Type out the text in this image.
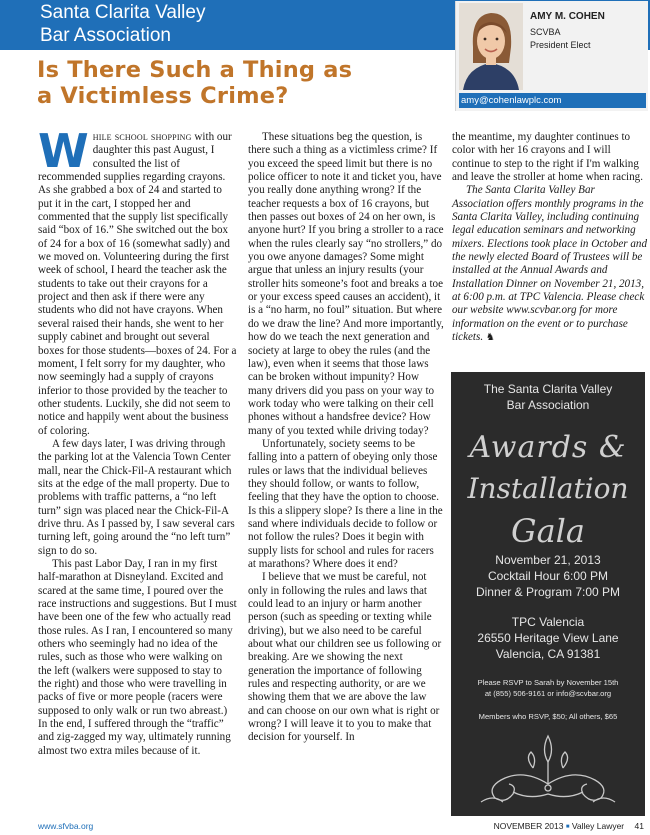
Santa Clarita Valley
Bar Association
AMY M. COHEN
SCVBA
President Elect
amy@cohenlawplc.com
Is There Such a Thing as
a Victimless Crime?

While school shopping with our daughter this past August, I consulted the list of recommended supplies regarding crayons. As she grabbed a box of 24 and started to put it in the cart, I stopped her and commented that the supply list specifically said “box of 16.” She switched out the box of 24 for a box of 16 (somewhat sadly) and we moved on. Volunteering during the first week of school, I heard the teacher ask the students to take out their crayons for a project and then ask if there were any students who did not have crayons. When several raised their hands, she went to her supply cabinet and brought out several boxes for those students—boxes of 24. For a moment, I felt sorry for my daughter, who now seemingly had a supply of crayons inferior to those provided by the teacher to other students. Luckily, she did not seem to notice and happily went about the business of coloring.

A few days later, I was driving through the parking lot at the Valencia Town Center mall, near the Chick-Fil-A restaurant which sits at the edge of the mall property. Due to problems with traffic patterns, a “no left turn” sign was placed near the Chick-Fil-A drive thru. As I passed by, I saw several cars turning left, going around the “no left turn” sign to do so.

This past Labor Day, I ran in my first half-marathon at Disneyland. Excited and scared at the same time, I poured over the race instructions and suggestions. But I must have been one of the few who actually read those rules. As I ran, I encountered so many others who seemingly had no idea of the rules, such as those who were walking on the left (walkers were supposed to stay to the right) and those who were travelling in packs of five or more people (racers were supposed to only walk or run two abreast.) In the end, I suffered through the “traffic” and zig-zagged my way, ultimately running almost two extra miles because of it.

These situations beg the question, is there such a thing as a victimless crime? If you exceed the speed limit but there is no police officer to note it and ticket you, have you really done anything wrong? If the teacher requests a box of 16 crayons, but then passes out boxes of 24 on her own, is anyone hurt? If you bring a stroller to a race when the rules clearly say “no strollers,” do you owe anyone damages? Some might argue that unless an injury results (your stroller hits someone’s foot and breaks a toe or your excess speed causes an accident), it is a “no harm, no foul” situation. But where do we draw the line? And more importantly, how do we teach the next generation and society at large to obey the rules (and the law), even when it seems that those laws can be broken without impunity? How many drivers did you pass on your way to work today who were talking on their cell phones without a handsfree device? How many of you texted while driving today?

Unfortunately, society seems to be falling into a pattern of obeying only those rules or laws that the individual believes they should follow, or wants to follow, feeling that they have the option to choose. Is this a slippery slope? Is there a line in the sand where individuals decide to follow or not follow the rules? Does it begin with supply lists for school and rules for racers at marathons? Where does it end?

I believe that we must be careful, not only in following the rules and laws that could lead to an injury or harm another person (such as speeding or texting while driving), but we also need to be careful about what our children see us following or breaking. Are we showing the next generation the importance of following rules and respecting authority, or are we showing them that we are above the law and can choose on our own what is right or wrong? I will leave it to you to make that decision for yourself. In

the meantime, my daughter continues to color with her 16 crayons and I will continue to step to the right if I'm walking and leave the stroller at home when racing.

The Santa Clarita Valley Bar Association offers monthly programs in the Santa Clarita Valley, including continuing legal education seminars and networking mixers. Elections took place in October and the newly elected Board of Trustees will be installed at the Annual Awards and Installation Dinner on November 21, 2013, at 6:00 p.m. at TPC Valencia. Please check our website www.scvbar.org for more information on the event or to purchase tickets. ♞

The Santa Clarita Valley
Bar Association
Awards &
Installation
Gala
November 21, 2013
Cocktail Hour 6:00 PM
Dinner & Program 7:00 PM
TPC Valencia
26550 Heritage View Lane
Valencia, CA 91381
Please RSVP to Sarah by November 15th
at (855) 506-9161 or info@scvbar.org
Members who RSVP, $50; All others, $65
www.sfvba.org	NOVEMBER 2013 ■ Valley Lawyer 41
